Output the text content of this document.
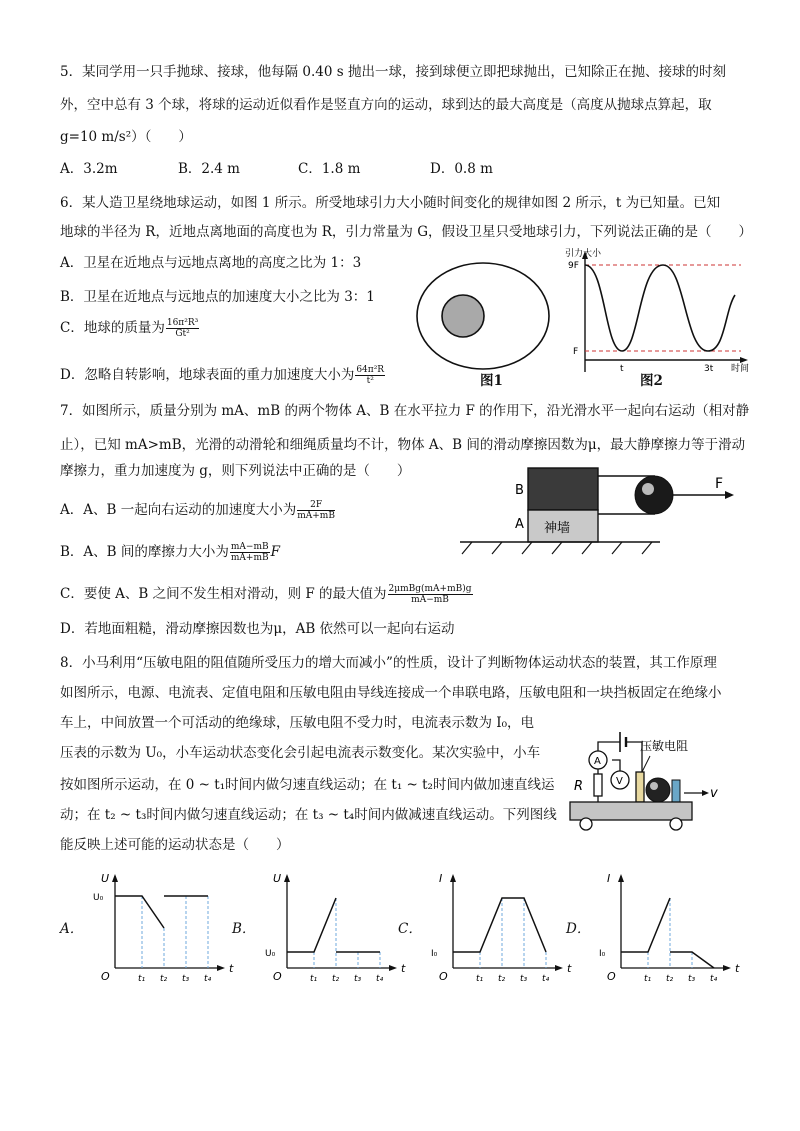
5．某同学用一只手抛球、接球，他每隔 0.40 s 抛出一球，接到球便立即把球抛出，已知除正在抛、接球的时刻
外，空中总有 3 个球，将球的运动近似看作是竖直方向的运动，球到达的最大高度是（高度从抛球点算起，取
g=10 m/s²）（　　）
A．3.2m	B．2.4 m	C．1.8 m	D．0.8 m
6．某人造卫星绕地球运动，如图 1 所示。所受地球引力大小随时间变化的规律如图 2 所示，t 为已知量。已知
地球的半径为 R，近地点离地面的高度也为 R，引力常量为 G，假设卫星只受地球引力，下列说法正确的是（　　）
A．卫星在近地点与远地点离地的高度之比为 1：3
B．卫星在近地点与远地点的加速度大小之比为 3：1
C．地球的质量为 $\frac{\text{16π²R³}}{\text{Gt²}}$
D．忽略自转影响，地球表面的重力加速度大小为 $\frac{\text{64π²R}}{\text{t²}}$	图1
引力大小
9F
F
t	3t 时间
图2
7．如图所示，质量分别为 mA、mB 的两个物体 A、B 在水平拉力 F 的作用下，沿光滑水平一起向右运动（相对静
止），已知 mA>mB，光滑的动滑轮和细绳质量均不计，物体 A、B 间的滑动摩擦因数为μ，最大静摩擦力等于滑动
摩擦力，重力加速度为 g，则下列说法中正确的是（　　）
A．A、B 一起向右运动的加速度大小为 $\frac{2F}{mA+mB}$
B．A、B 间的摩擦力大小为 $\frac{mA-mB}{mA+mB}$ F
C．要使 A、B 之间不发生相对滑动，则 F 的最大值为 $\frac{\text{2μmBg(mA+mB)g}}{mA-mB}$
D．若地面粗糙，滑动摩擦因数也为μ，AB 依然可以一起向右运动
B
A 神墙
F
8．小马利用“压敏电阻的阻值随所受压力的增大而减小”的性质，设计了判断物体运动状态的装置，其工作原理
如图所示，电源、电流表、定值电阻和压敏电阻由导线连接成一个串联电路，压敏电阻和一块挡板固定在绝缘小
车上，中间放置一个可活动的绝缘球，压敏电阻不受力时，电流表示数为 I₀，电
压表的示数为 U₀，小车运动状态变化会引起电流表示数变化。某次实验中，小车
按如图所示运动，在 0 ~ t₁时间内做匀速直线运动；在 t₁ ~ t₂时间内做加速直线运
动；在 t₂ ~ t₃时间内做匀速直线运动；在 t₃ ~ t₄时间内做减速直线运动。下列图线
能反映上述可能的运动状态是（　　）
A
R	V
压敏电阻
v
A．
U
U₀
O
t
t₁ t₂ t₃ t₄
B．
U
U₀
O
t
t₁ t₂ t₃ t₄
C．
I
I₀
O
t
t₁ t₂ t₃ t₄
D．
I
I₀
O
t
t₁ t₂ t₃ t₄
